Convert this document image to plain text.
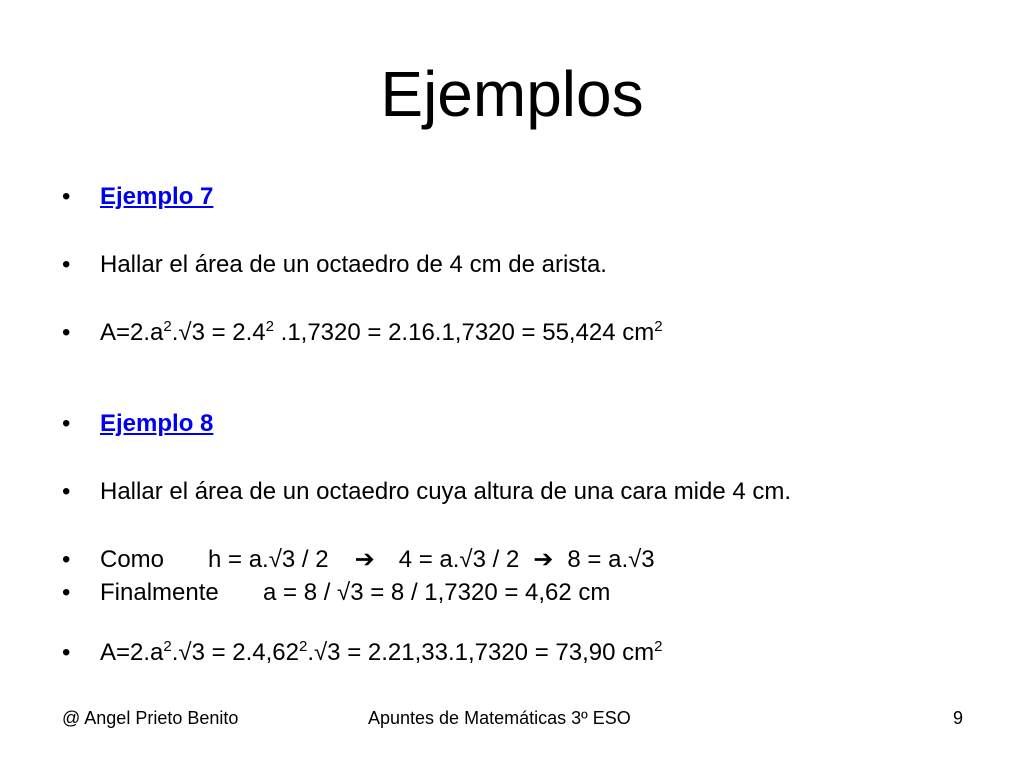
Ejemplos
• Ejemplo 7
• Hallar el área de un octaedro de 4 cm de arista.
• $A=2.a^2.√3 = 2.4^2$ .1,7320 = 2.16.1,7320 = 55,424 $cm^2$
• Ejemplo 8
• Hallar el área de un octaedro cuya altura de una cara mide 4 cm.
• Como h = a.√3 / 2 ➔ 4 = a.√3 / 2 ➔ 8 = a.√3
• Finalmente a = 8 / √3 = 8 / 1,7320 = 4,62 cm
• $A=2.a^2.√3 = 2.4,62^2.√3 = 2.21,33.1,7320 = 73,90$ $cm^2$
@ Angel Prieto Benito	Apuntes de Matemáticas 3º ESO	9
